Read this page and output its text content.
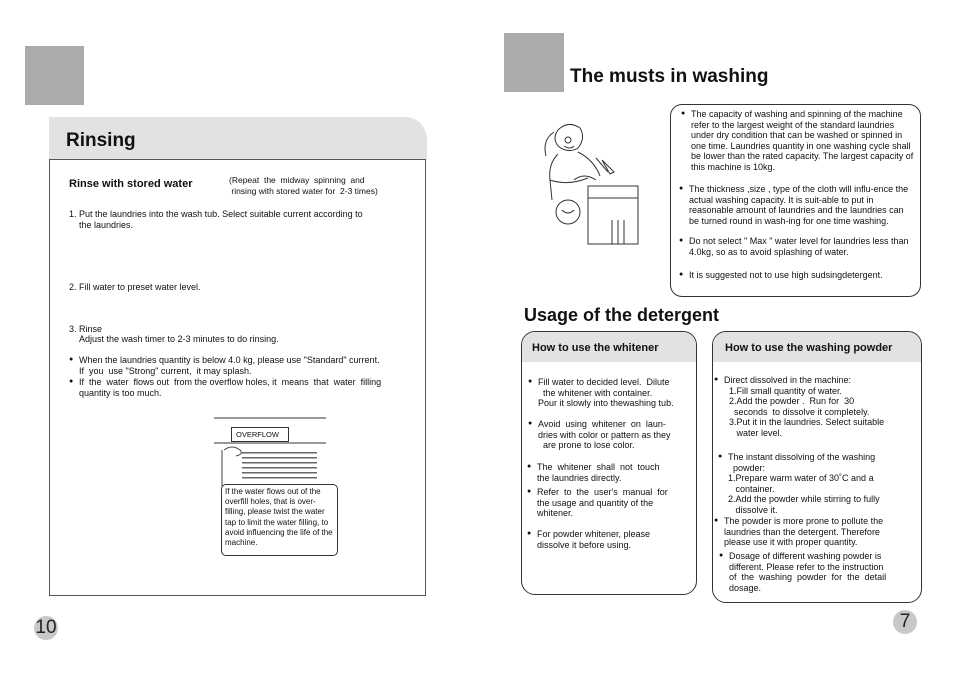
Rinsing
Rinse with stored water	(Repeat  the  midway  spinning  and
rinsing with stored water for  2-3 times)
1. Put the laundries into the wash tub. Select suitable current according to
the laundries.
2. Fill water to preset water level.
3. Rinse
Adjust the wash timer to 2-3 minutes to do rinsing.
● When the laundries quantity is below 4.0 kg, please use "Standard" current.
If  you  use "Strong" current,  it may splash.
● If  the  water  flows out  from the overflow holes, it  means  that  water  filling
quantity is too much.
OVERFLOW
If the water flows out of the overfill holes, that is over-filling, please twist the water tap to limit the water filling, to avoid influencing the life of the machine.
10
The musts in washing
● The capacity of washing and spinning of the machine refer to the largest weight of the standard laundries under dry condition that can be washed or spinned in one time. Laundries quantity in one washing cycle shall be lower than the rated capacity. The largest capacity of this machine is 10kg.
● The thickness ,size , type of the cloth will influ-ence the actual washing capacity. It is suit-able to put in reasonable amount of laundries and the laundries can be turned round in wash-ing for one time washing.
● Do not select " Max " water level for laundries less than 4.0kg, so as to avoid splashing of water.
● It is suggested not to use high sudsingdetergent.
Usage of the detergent
How to use the whitener
● Fill water to decided level.  Dilute
the whitener with container.
Pour it slowly into thewashing tub.
● Avoid  using  whitener  on  laun-
dries with color or pattern as they
are prone to lose color.
● The  whitener  shall  not  touch
the laundries directly.
● Refer  to  the  user's  manual  for
the usage and quantity of the
whitener.
● For powder whitener, please
dissolve it before using.
How to use the washing powder
● Direct dissolved in the machine:
1.Fill small quantity of water.
2.Add the powder .  Run for  30
seconds  to dissolve it completely.
3.Put it in the laundries. Select suitable
water level.
● The instant dissolving of the washing
powder:
1.Prepare warm water of 30˚C and a
container.
2.Add the powder while stirring to fully
dissolve it.
● The powder is more prone to pollute the
laundries than the detergent. Therefore
please use it with proper quantity.
● Dosage of different washing powder is
different. Please refer to the instruction
of  the  washing  powder  for  the  detail
dosage.
7
